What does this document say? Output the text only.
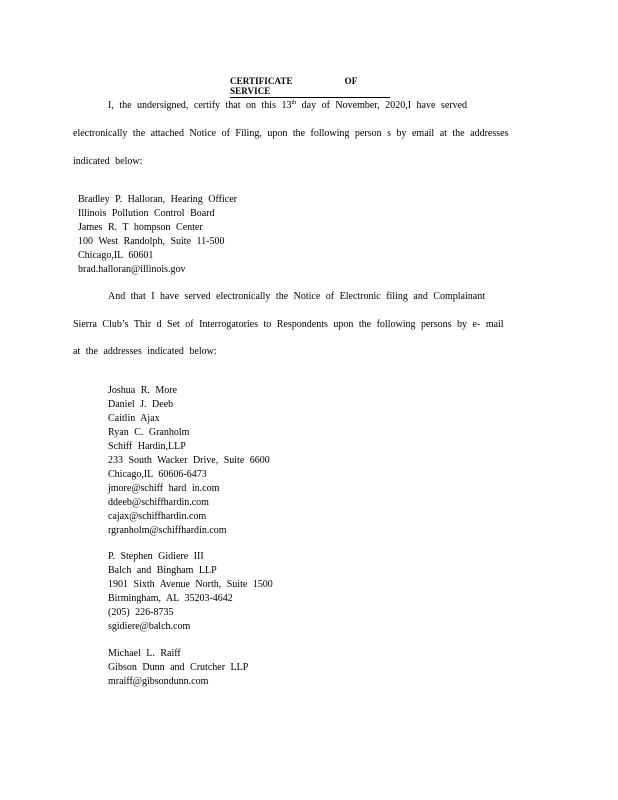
CERTIFICATE	OFSERVICE
I, the undersigned, certify that on this 13th day of November, 2020,I have served
electronically the attached Notice of Filing, upon the following person s by email at the addresses
indicated below:
Bradley P. Halloran, Hearing Officer
Illinois Pollution Control Board
James R. T hompson Center
100 West Randolph, Suite 11-500
Chicago,IL 60601
brad.halloran@illinois.gov
And that I have served electronically the Notice of Electronic filing and Complainant
Sierra Club’s Thir d Set of Interrogatories to Respondents upon the following persons by e- mail
at the addresses indicated below:
Joshua R. More
Daniel J. Deeb
Caitlin Ajax
Ryan C. Granholm
Schiff Hardin,LLP
233 South Wacker Drive, Suite 6600
Chicago,IL 60606-6473
jmore@schiff hard in.com
ddeeb@schiffhardin.com
cajax@schiffhardin.com
rgranholm@schiffhardin.com
P. Stephen Gidiere III
Balch and Bingham LLP
1901 Sixth Avenue North, Suite 1500
Birmingham, AL 35203-4642
(205) 226-8735
sgidiere@balch.com
Michael L. Raiff
Gibson Dunn and Crutcher LLP
mraiff@gibsondunn.com
